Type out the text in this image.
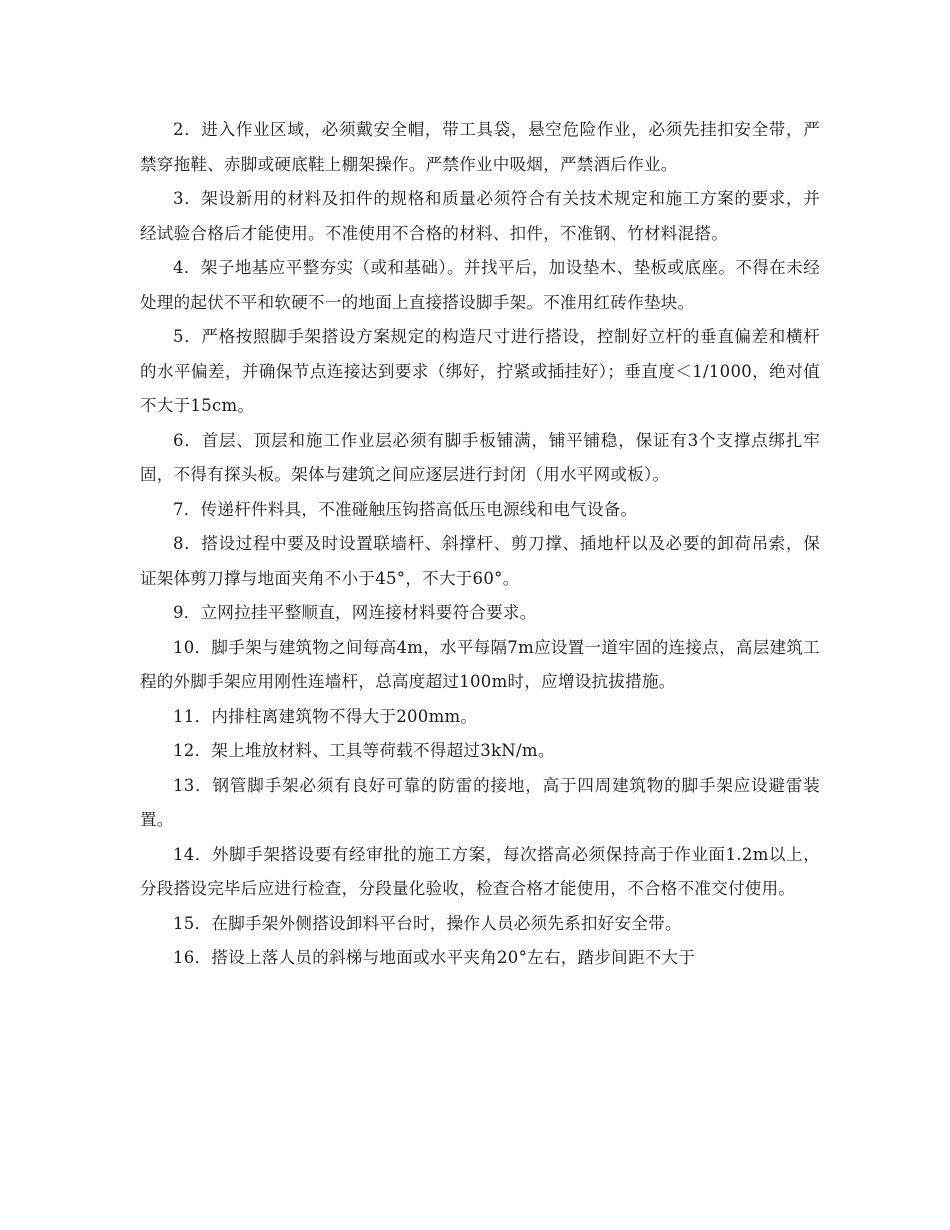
2．进入作业区域，必须戴安全帽，带工具袋，悬空危险作业，必须先挂扣安全带，严禁穿拖鞋、赤脚或硬底鞋上棚架操作。严禁作业中吸烟，严禁酒后作业。

3．架设新用的材料及扣件的规格和质量必须符合有关技术规定和施工方案的要求，并经试验合格后才能使用。不准使用不合格的材料、扣件，不准钢、竹材料混搭。

4．架子地基应平整夯实（或和基础）。并找平后，加设垫木、垫板或底座。不得在未经处理的起伏不平和软硬不一的地面上直接搭设脚手架。不准用红砖作垫块。

5．严格按照脚手架搭设方案规定的构造尺寸进行搭设，控制好立杆的垂直偏差和横杆的水平偏差，并确保节点连接达到要求（绑好，拧紧或插挂好）；垂直度＜1/1000，绝对值不大于15cm。

6．首层、顶层和施工作业层必须有脚手板铺满，铺平铺稳，保证有3个支撑点绑扎牢固，不得有探头板。架体与建筑之间应逐层进行封闭（用水平网或板）。

7．传递杆件料具，不准碰触压钩搭高低压电源线和电气设备。

8．搭设过程中要及时设置联墙杆、斜撑杆、剪刀撑、插地杆以及必要的卸荷吊索，保证架体剪刀撑与地面夹角不小于45°，不大于60°。

9．立网拉挂平整顺直，网连接材料要符合要求。

10．脚手架与建筑物之间每高4m，水平每隔7m应设置一道牢固的连接点，高层建筑工程的外脚手架应用刚性连墙杆，总高度超过100m时，应增设抗拔措施。

11．内排柱离建筑物不得大于200mm。

12．架上堆放材料、工具等荷载不得超过3kN/m。

13．钢管脚手架必须有良好可靠的防雷的接地，高于四周建筑物的脚手架应设避雷装置。

14．外脚手架搭设要有经审批的施工方案，每次搭高必须保持高于作业面1.2m以上，分段搭设完毕后应进行检查，分段量化验收，检查合格才能使用，不合格不准交付使用。

15．在脚手架外侧搭设卸料平台时，操作人员必须先系扣好安全带。

16．搭设上落人员的斜梯与地面或水平夹角20°左右，踏步间距不大于
